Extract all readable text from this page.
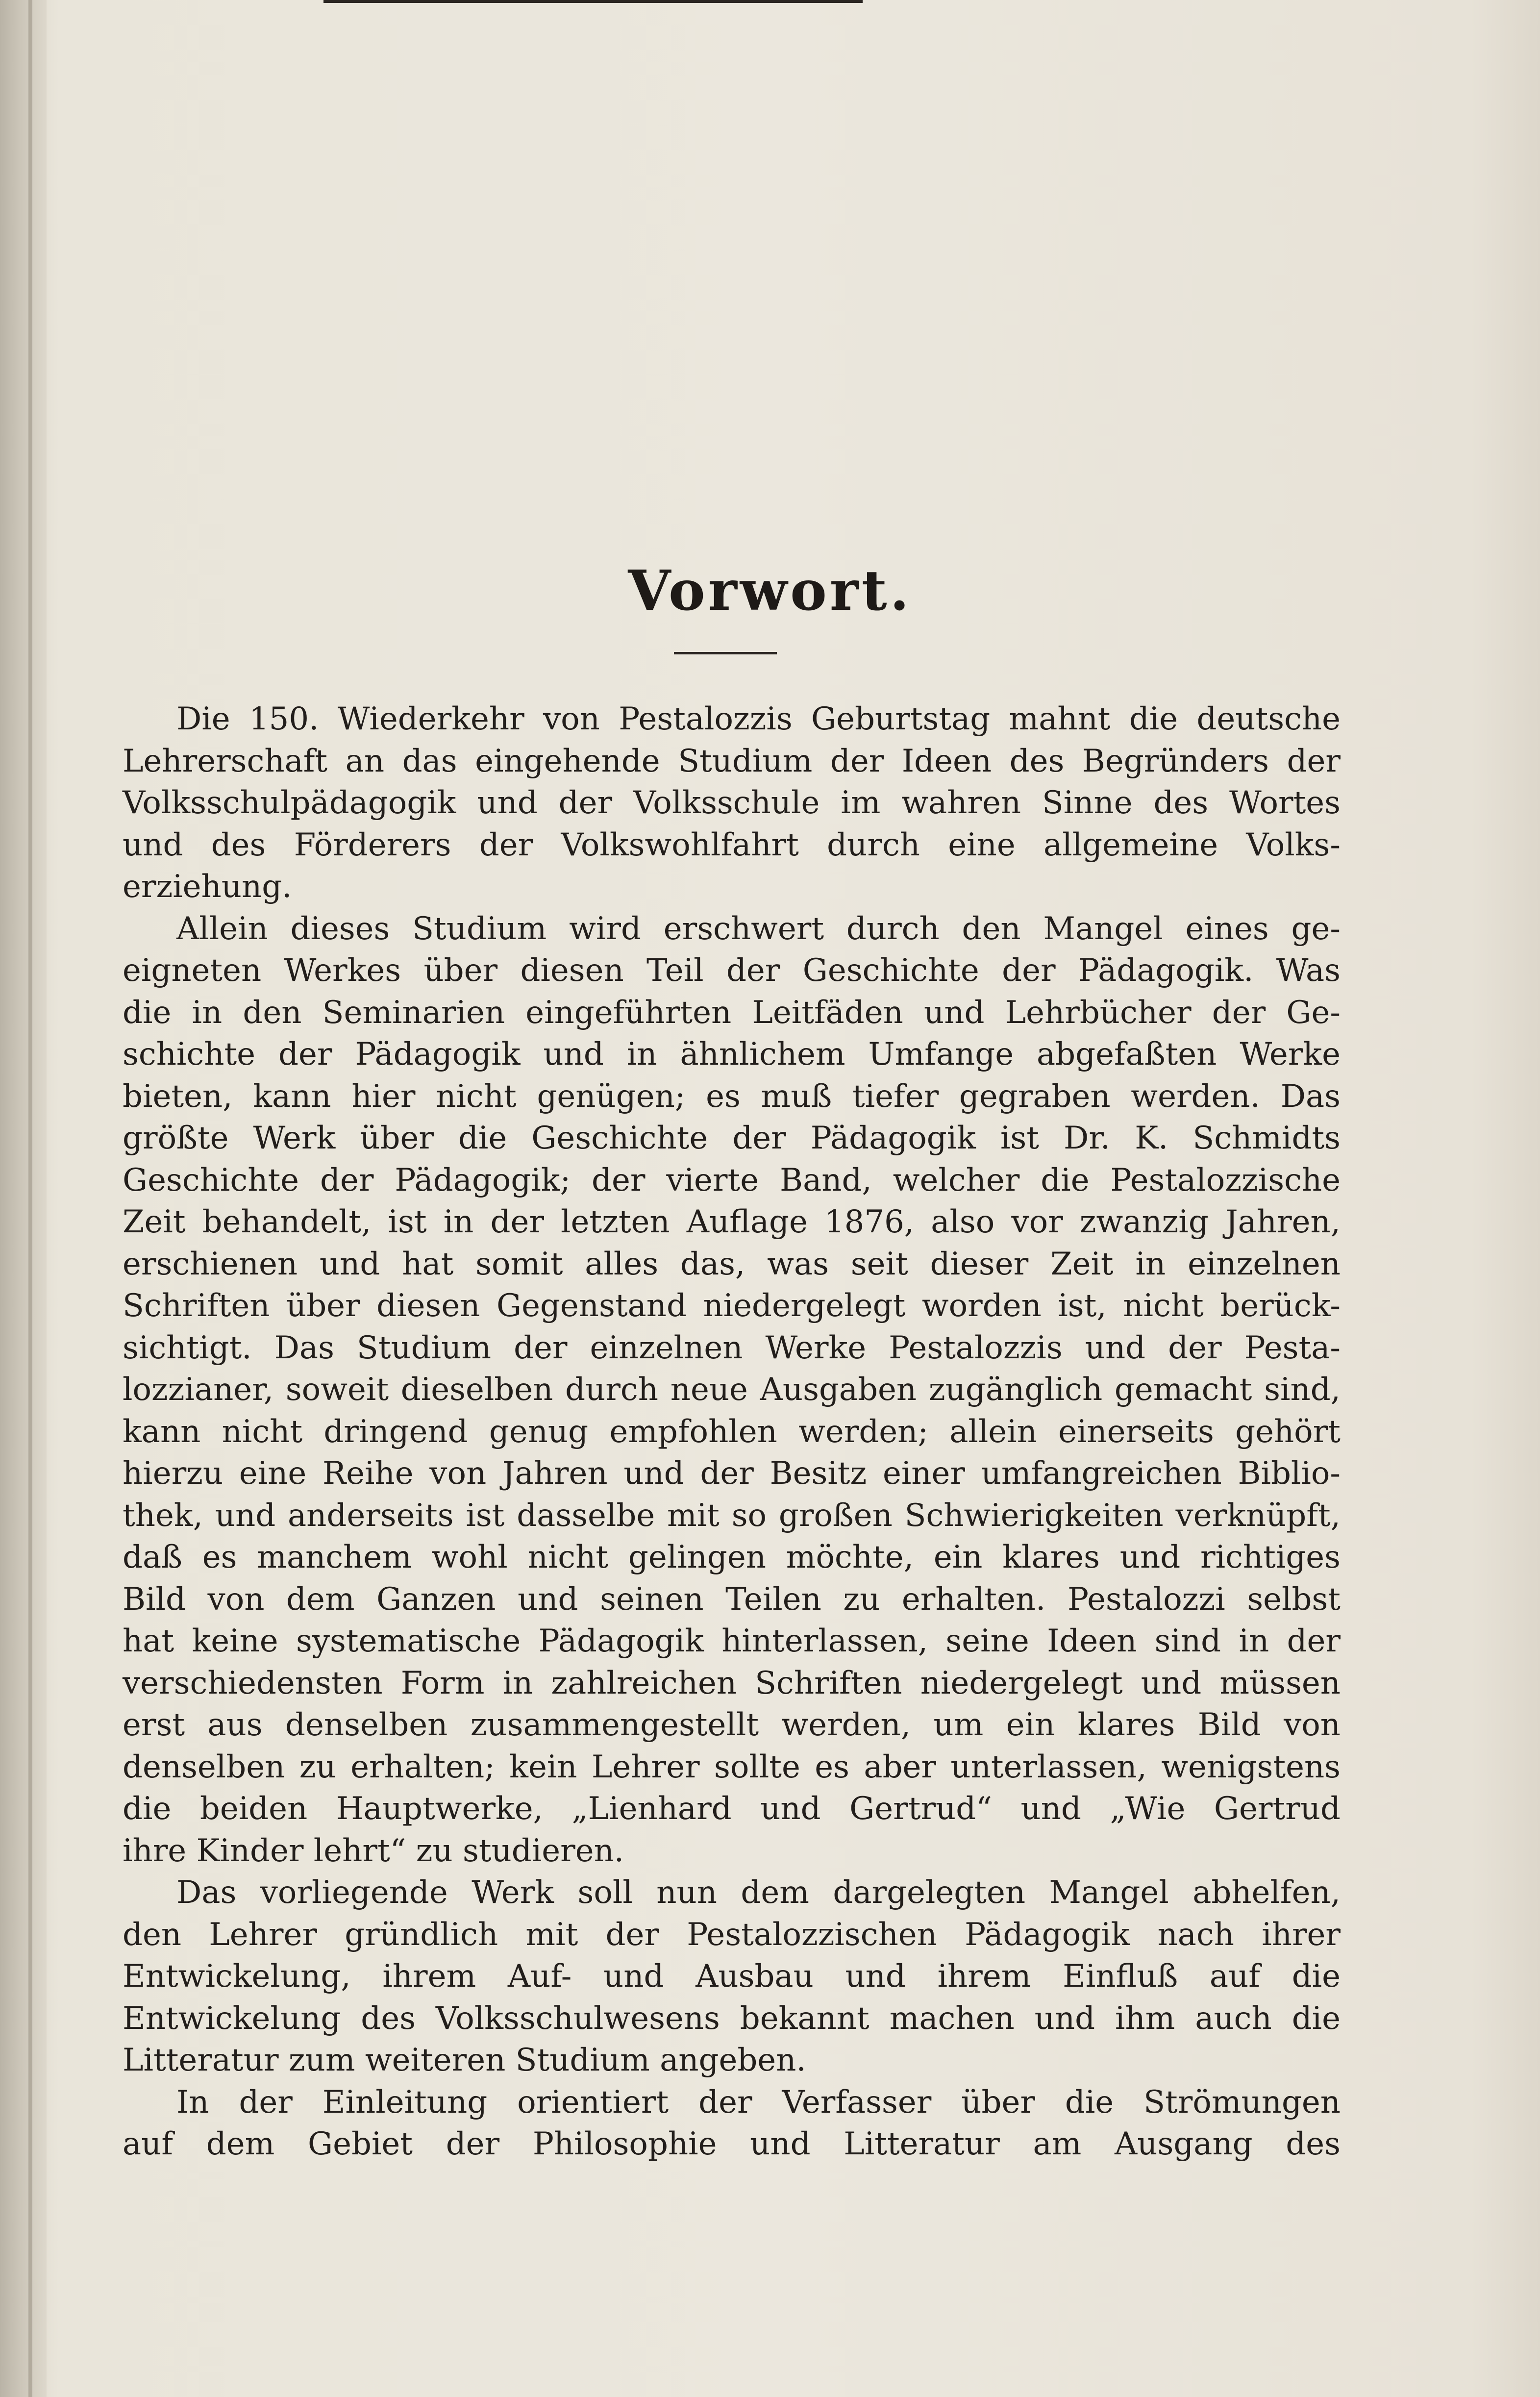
Vorwort.
Die 150. Wiederkehr von Pestalozzis Geburtstag mahnt die deutsche
Lehrerschaft an das eingehende Studium der Ideen des Begründers der
Volksschulpädagogik und der Volksschule im wahren Sinne des Wortes
und des Förderers der Volkswohlfahrt durch eine allgemeine Volks-
erziehung.
Allein dieses Studium wird erschwert durch den Mangel eines ge-
eigneten Werkes über diesen Teil der Geschichte der Pädagogik. Was
die in den Seminarien eingeführten Leitfäden und Lehrbücher der Ge-
schichte der Pädagogik und in ähnlichem Umfange abgefaßten Werke
bieten, kann hier nicht genügen; es muß tiefer gegraben werden. Das
größte Werk über die Geschichte der Pädagogik ist Dr. K. Schmidts
Geschichte der Pädagogik; der vierte Band, welcher die Pestalozzische
Zeit behandelt, ist in der letzten Auflage 1876, also vor zwanzig Jahren,
erschienen und hat somit alles das, was seit dieser Zeit in einzelnen
Schriften über diesen Gegenstand niedergelegt worden ist, nicht berück-
sichtigt. Das Studium der einzelnen Werke Pestalozzis und der Pesta-
lozzianer, soweit dieselben durch neue Ausgaben zugänglich gemacht sind,
kann nicht dringend genug empfohlen werden; allein einerseits gehört
hierzu eine Reihe von Jahren und der Besitz einer umfangreichen Biblio-
thek, und anderseits ist dasselbe mit so großen Schwierigkeiten verknüpft,
daß es manchem wohl nicht gelingen möchte, ein klares und richtiges
Bild von dem Ganzen und seinen Teilen zu erhalten. Pestalozzi selbst
hat keine systematische Pädagogik hinterlassen, seine Ideen sind in der
verschiedensten Form in zahlreichen Schriften niedergelegt und müssen
erst aus denselben zusammengestellt werden, um ein klares Bild von
denselben zu erhalten; kein Lehrer sollte es aber unterlassen, wenigstens
die beiden Hauptwerke, „Lienhard und Gertrud“ und „Wie Gertrud
ihre Kinder lehrt“ zu studieren.
Das vorliegende Werk soll nun dem dargelegten Mangel abhelfen,
den Lehrer gründlich mit der Pestalozzischen Pädagogik nach ihrer
Entwickelung, ihrem Auf- und Ausbau und ihrem Einfluß auf die
Entwickelung des Volksschulwesens bekannt machen und ihm auch die
Litteratur zum weiteren Studium angeben.
In der Einleitung orientiert der Verfasser über die Strömungen
auf dem Gebiet der Philosophie und Litteratur am Ausgang des
